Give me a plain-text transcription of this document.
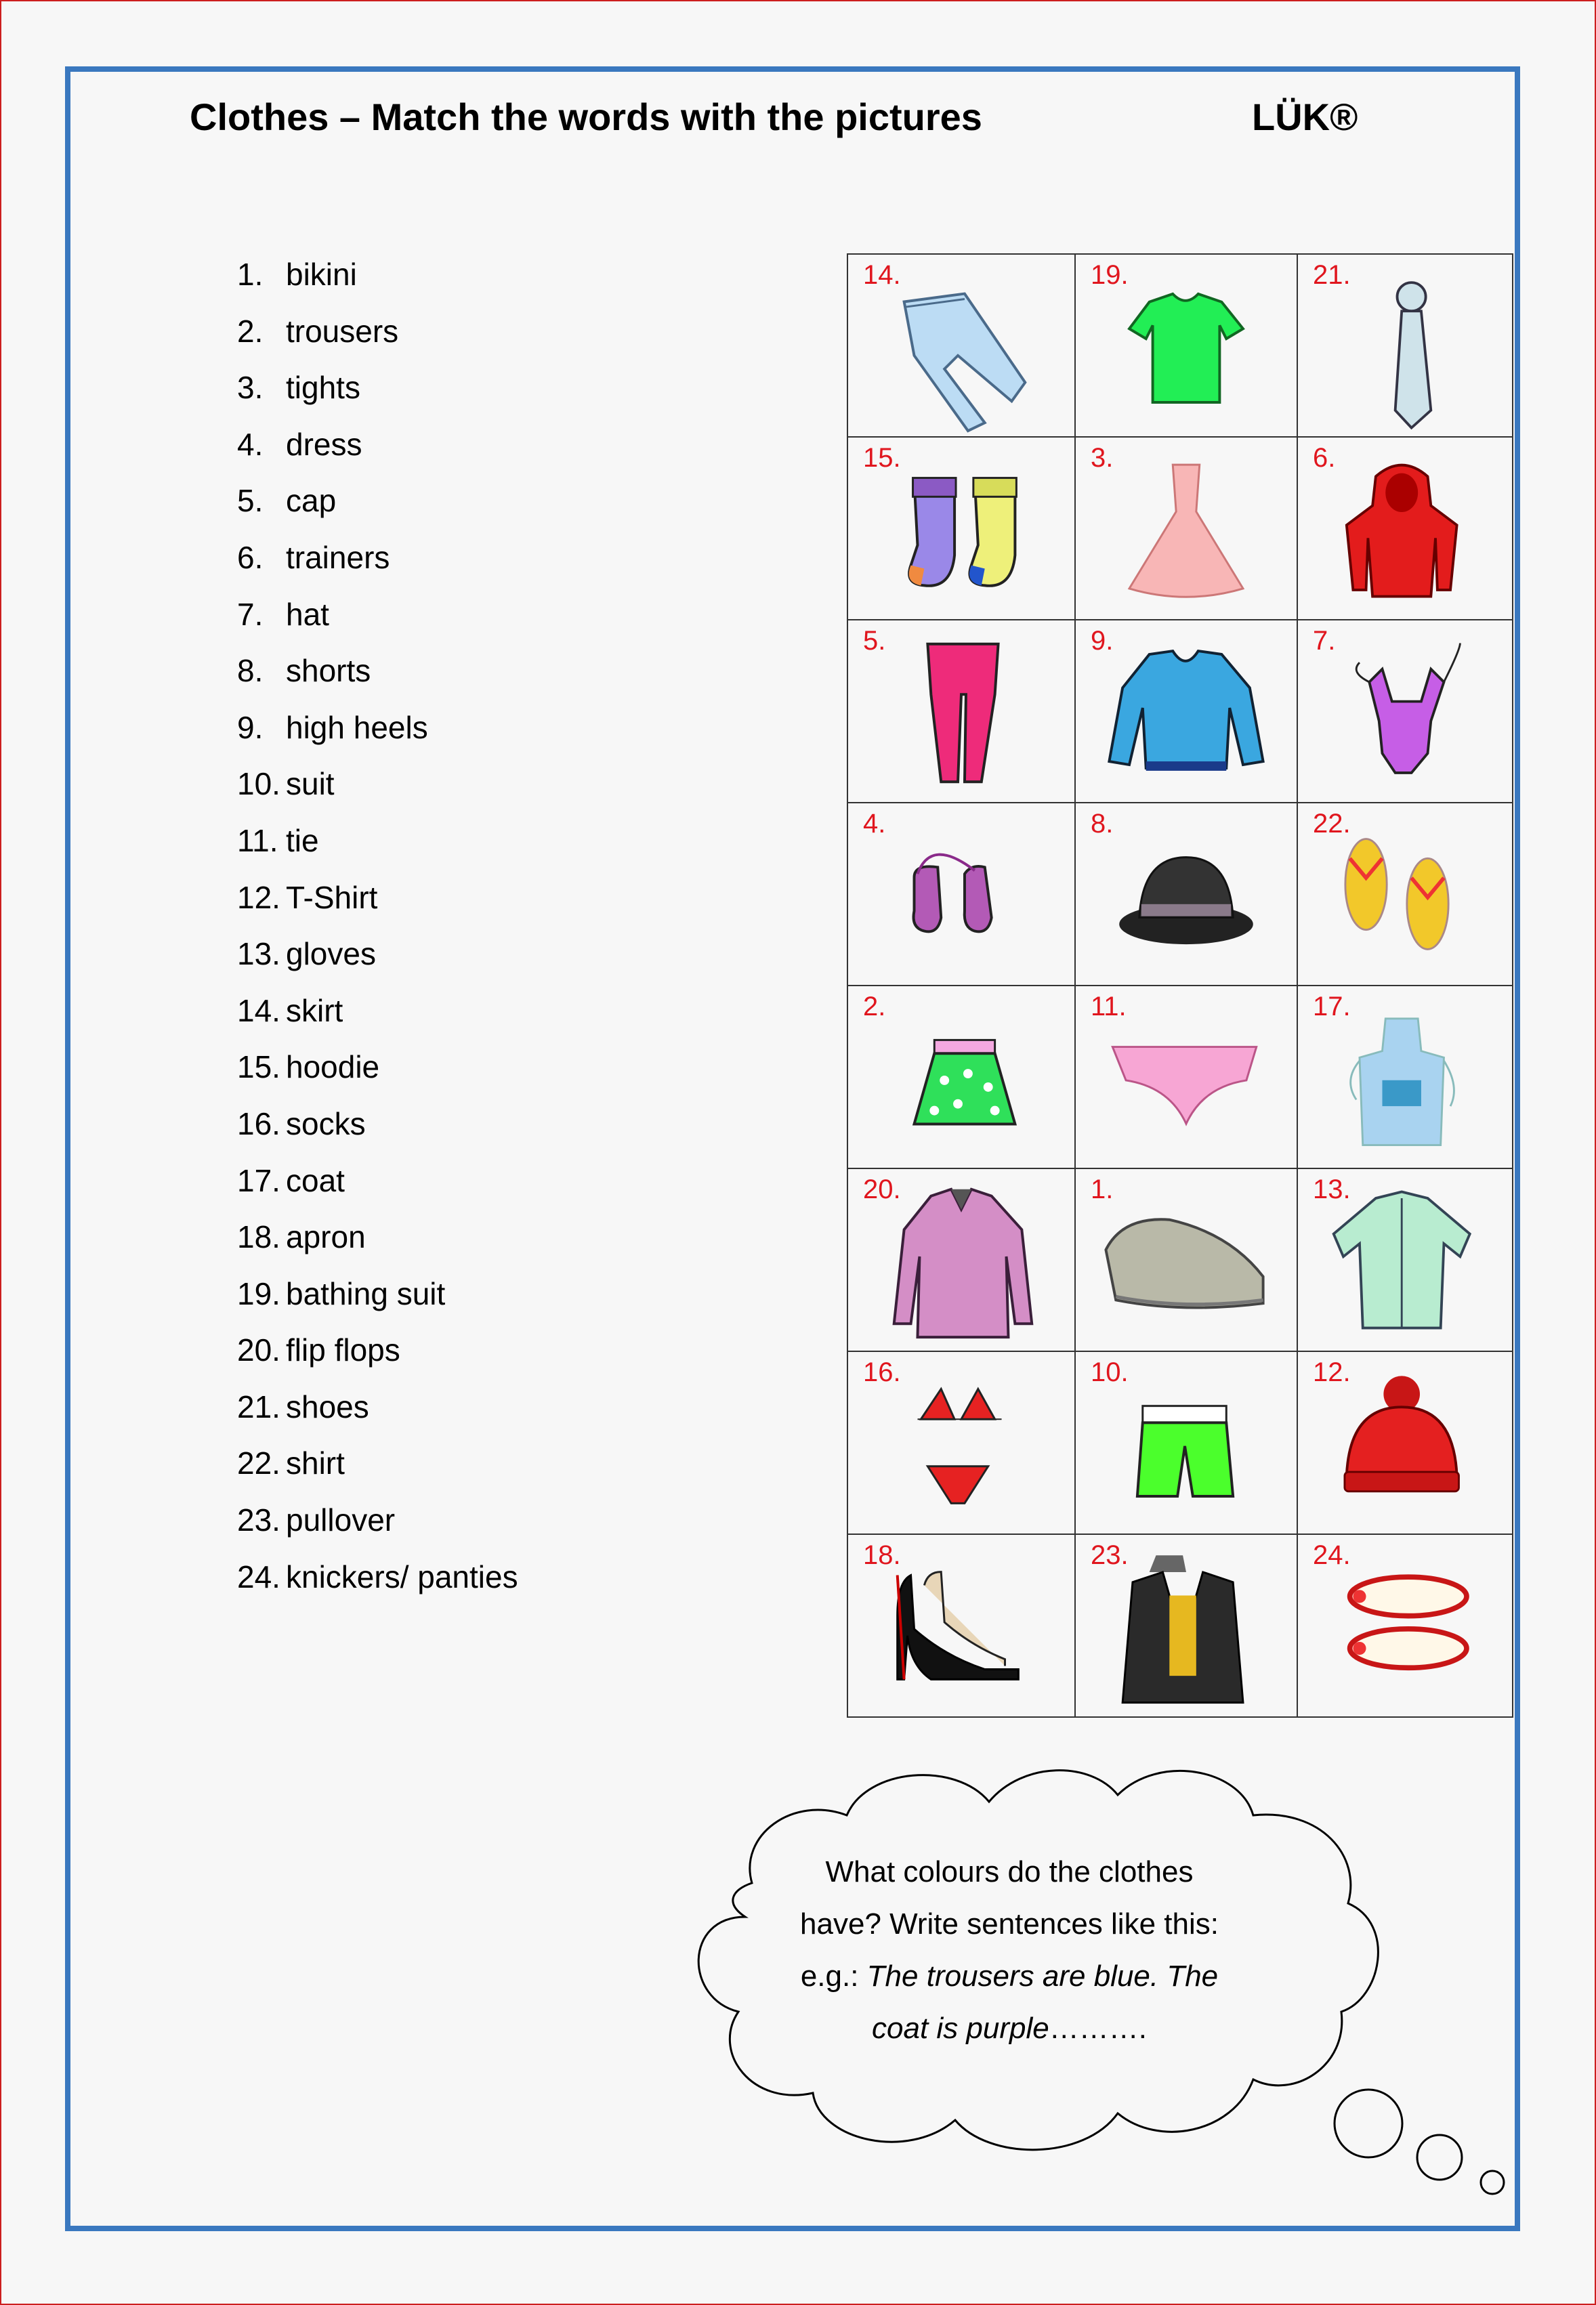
Clothes – Match the words with the pictures	LÜK®
1. bikini
2. trousers
3. tights
4. dress
5. cap
6. trainers
7. hat
8. shorts
9. high heels
10. suit
11. tie
12. T-Shirt
13. gloves
14. skirt
15. hoodie
16. socks
17. coat
18. apron
19. bathing suit
20. flip flops
21. shoes
22. shirt
23. pullover
24. knickers/ panties
14.	19.	21.
15.	3.	6.
5.	9.	7.
4.	8.	22.
2.	11.	17.
20.	1.	13.
16.	10.	12.
18.	23.	24.
What colours do the clothes
have? Write sentences like this:
e.g.: The trousers are blue. The
coat is purple……….
